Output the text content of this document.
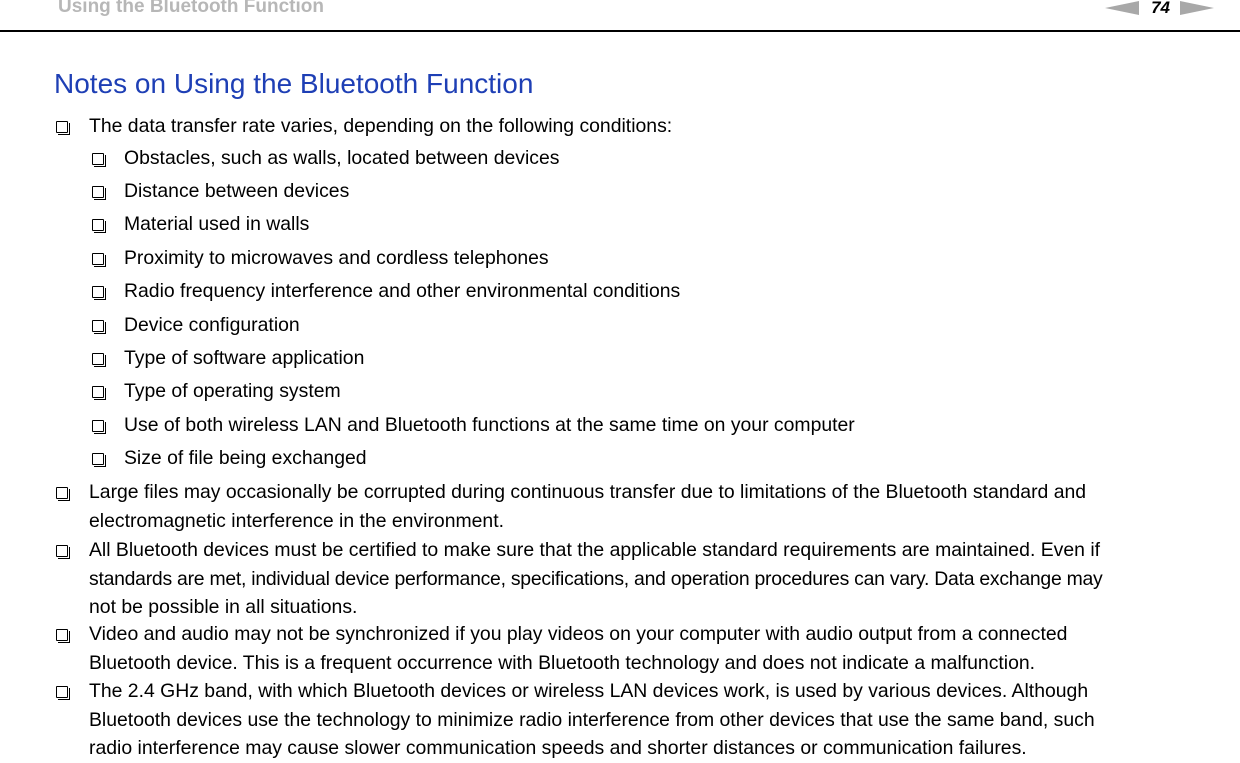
Using the Bluetooth Function	74
Notes on Using the Bluetooth Function
The data transfer rate varies, depending on the following conditions:
Obstacles, such as walls, located between devices
Distance between devices
Material used in walls
Proximity to microwaves and cordless telephones
Radio frequency interference and other environmental conditions
Device configuration
Type of software application
Type of operating system
Use of both wireless LAN and Bluetooth functions at the same time on your computer
Size of file being exchanged
Large files may occasionally be corrupted during continuous transfer due to limitations of the Bluetooth standard and
electromagnetic interference in the environment.
All Bluetooth devices must be certified to make sure that the applicable standard requirements are maintained. Even if
standards are met, individual device performance, specifications, and operation procedures can vary. Data exchange may
not be possible in all situations.
Video and audio may not be synchronized if you play videos on your computer with audio output from a connected
Bluetooth device. This is a frequent occurrence with Bluetooth technology and does not indicate a malfunction.
The 2.4 GHz band, with which Bluetooth devices or wireless LAN devices work, is used by various devices. Although
Bluetooth devices use the technology to minimize radio interference from other devices that use the same band, such
radio interference may cause slower communication speeds and shorter distances or communication failures.
